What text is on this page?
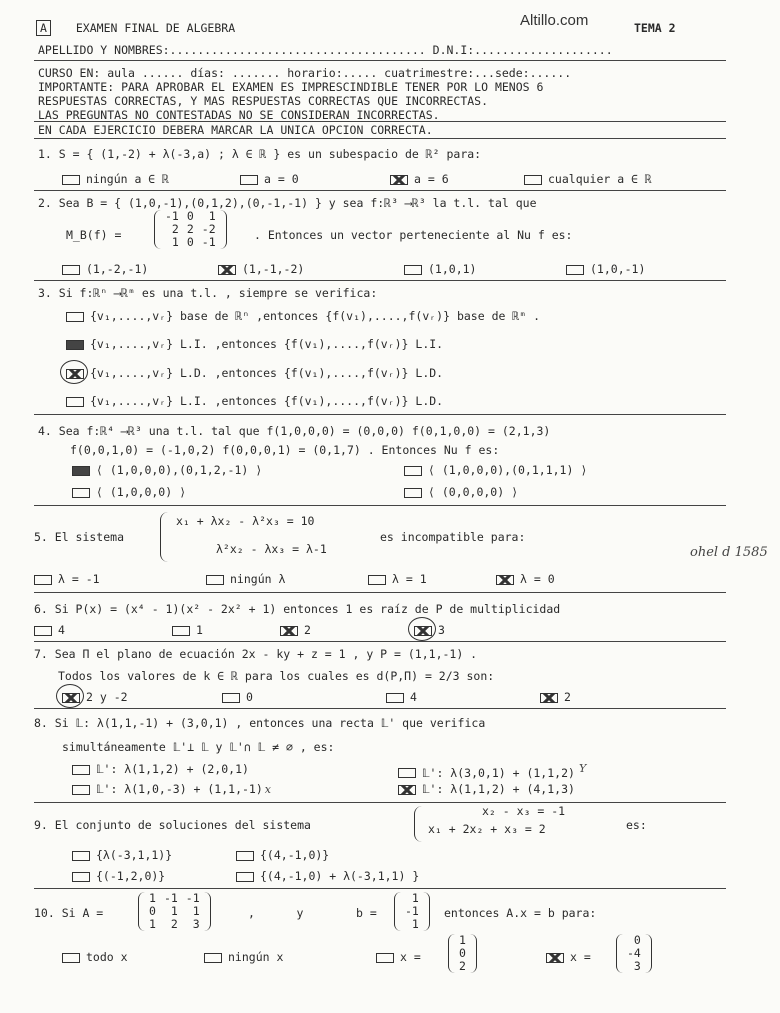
A	EXAMEN FINAL DE ALGEBRA	Altillo.com	TEMA 2
APELLIDO Y NOMBRES:..................................... D.N.I:....................
CURSO EN: aula ...... días: ....... horario:..... cuatrimestre:...sede:......
IMPORTANTE: PARA APROBAR EL EXAMEN ES IMPRESCINDIBLE TENER POR LO MENOS 6
RESPUESTAS CORRECTAS, Y MAS RESPUESTAS CORRECTAS QUE INCORRECTAS.
LAS PREGUNTAS NO CONTESTADAS NO SE CONSIDERAN INCORRECTAS.
EN CADA EJERCICIO DEBERA MARCAR LA UNICA OPCION CORRECTA.
1. S = { (1,-2) + λ(-3,a) ; λ ∈ ℝ } es un subespacio de ℝ² para:
ningún a ∈ ℝ	a = 0	a = 6	cualquier a ∈ ℝ
2. Sea B = { (1,0,-1),(0,1,2),(0,-1,-1) } y sea f:ℝ³ ⟶ℝ³ la t.l. tal que
M_B(f) =
-1	0	1
2	2	-2
1	0	-1	. Entonces un vector perteneciente al Nu f es:
(1,-2,-1)	(1,-1,-2)	(1,0,1)	(1,0,-1)
3. Si f:ℝⁿ ⟶ℝᵐ es una t.l. , siempre se verifica:
{v₁,....,vᵣ} base de ℝⁿ ,entonces {f(v₁),....,f(vᵣ)} base de ℝᵐ .
{v₁,....,vᵣ} L.I. ,entonces {f(v₁),....,f(vᵣ)} L.I.
{v₁,....,vᵣ} L.D. ,entonces {f(v₁),....,f(vᵣ)} L.D.
{v₁,....,vᵣ} L.I. ,entonces {f(v₁),....,f(vᵣ)} L.D.
4. Sea f:ℝ⁴ ⟶ℝ³ una t.l. tal que f(1,0,0,0) = (0,0,0) f(0,1,0,0) = (2,1,3)
f(0,0,1,0) = (-1,0,2) f(0,0,0,1) = (0,1,7) . Entonces Nu f es:
⟨ (1,0,0,0),(0,1,2,-1) ⟩	⟨ (1,0,0,0),(0,1,1,1) ⟩
⟨ (1,0,0,0) ⟩	⟨ (0,0,0,0) ⟩
5. El sistema
x₁ + λx₂ - λ²x₃ = 10
λ²x₂ - λx₃ = λ-1
es incompatible para:
ohel d 1585
λ = -1	ningún λ	λ = 1	λ = 0
6. Si P(x) = (x⁴ - 1)(x² - 2x² + 1) entonces 1 es raíz de P de multiplicidad
4	1	2	3
7. Sea Π el plano de ecuación 2x - ky + z = 1 , y P = (1,1,-1) .
Todos los valores de k ∈ ℝ para los cuales es d(P,Π) = 2/3 son:
2 y -2	0	4	2
8. Si 𝕃: λ(1,1,-1) + (3,0,1) , entonces una recta 𝕃' que verifica
simultáneamente 𝕃'⊥ 𝕃 y 𝕃'∩ 𝕃 ≠ ∅ , es:
𝕃': λ(1,1,2) + (2,0,1)	𝕃': λ(3,0,1) + (1,1,2) $^Y$
𝕃': λ(1,0,-3) + (1,1,-1) x	𝕃': λ(1,1,2) + (4,1,3)
9. El conjunto de soluciones del sistema
x₂ - x₃ = -1
x₁ + 2x₂ + x₃ = 2	es:
{λ(-3,1,1)}	{(4,-1,0)}
{(-1,2,0)}	{(4,-1,0) + λ(-3,1,1) }
10. Si A =
1	-1	-1
0	1	1
1	2	3
,      y	b =
1
-1
1
entonces A.x = b para:
todo x	ningún x	x =
1
0
2
x =
0
-4
3
